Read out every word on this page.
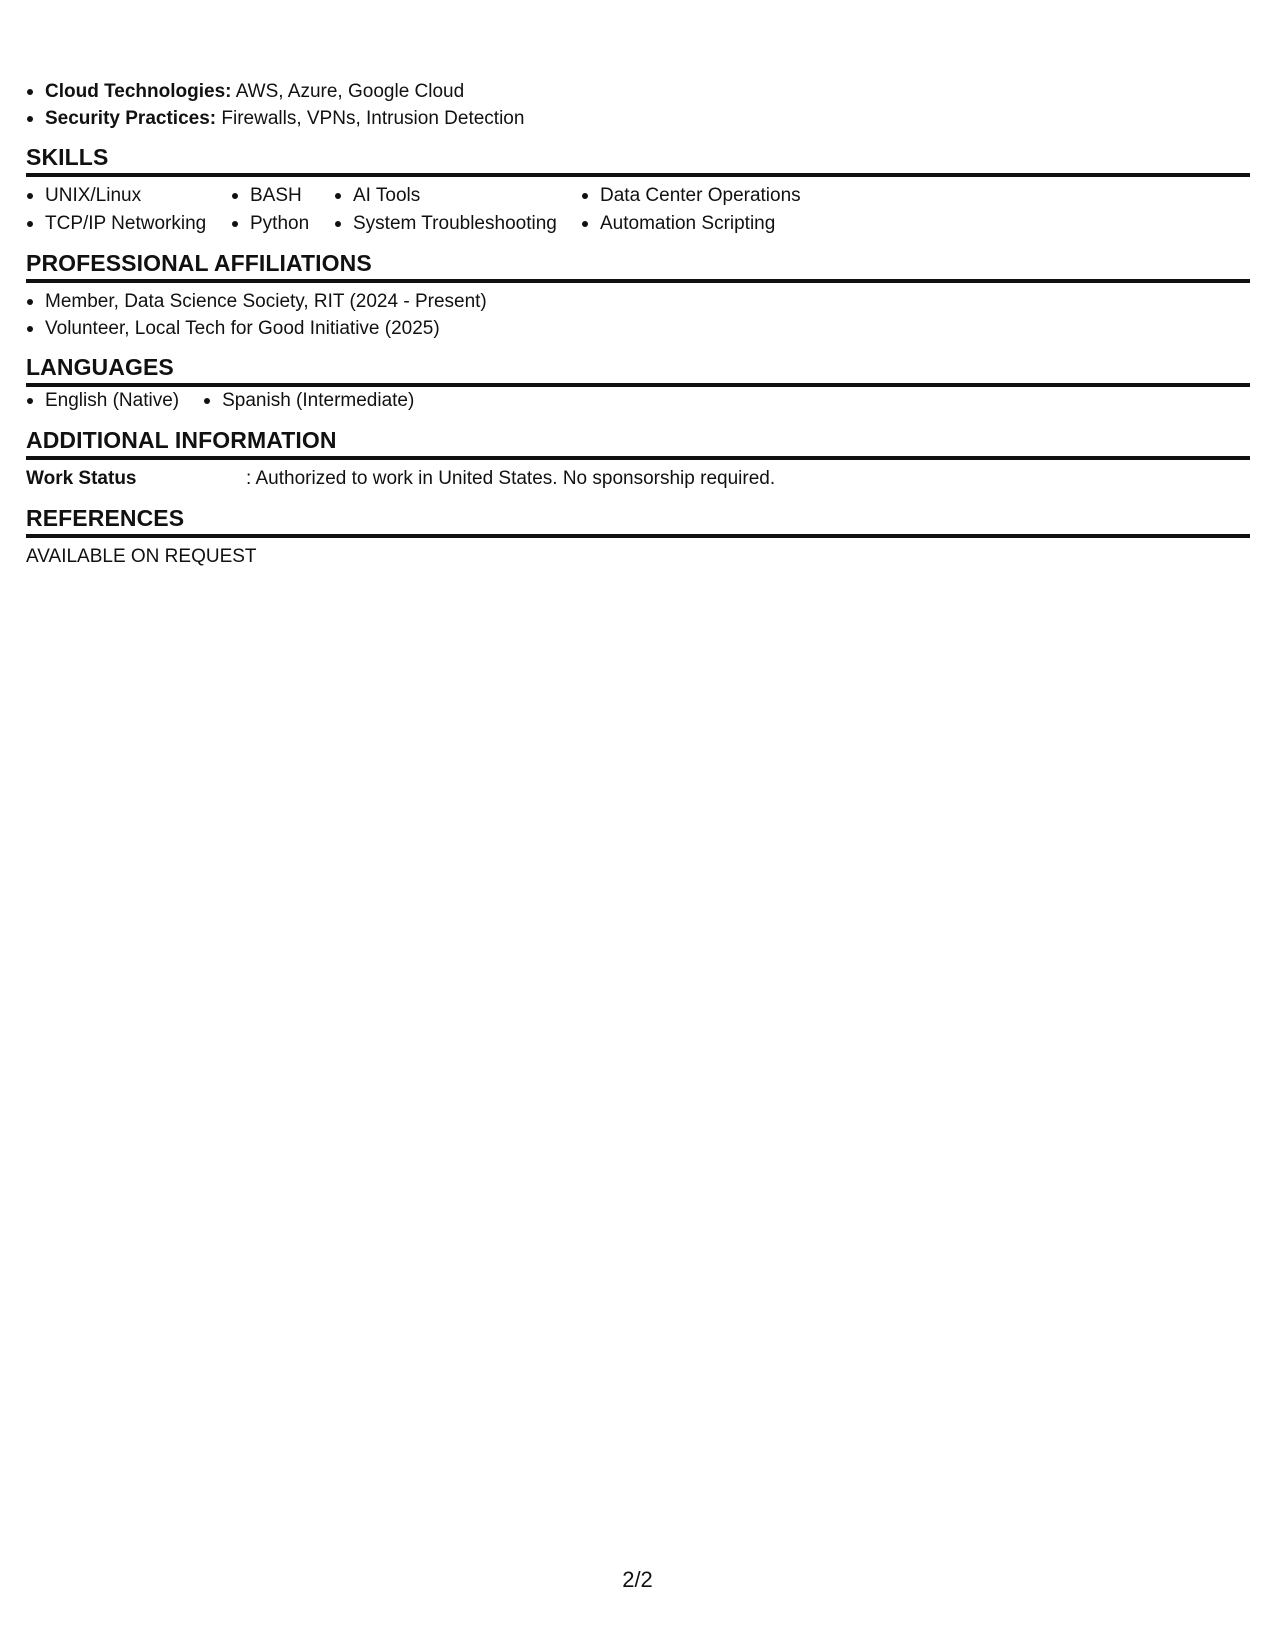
Cloud Technologies: AWS, Azure, Google Cloud
Security Practices: Firewalls, VPNs, Intrusion Detection
SKILLS
UNIX/Linux
TCP/IP Networking
BASH
Python
AI Tools
System Troubleshooting
Data Center Operations
Automation Scripting
PROFESSIONAL AFFILIATIONS
Member, Data Science Society, RIT (2024 - Present)
Volunteer, Local Tech for Good Initiative (2025)
LANGUAGES
English (Native)	Spanish (Intermediate)
ADDITIONAL INFORMATION
Work Status	: Authorized to work in United States. No sponsorship required.
REFERENCES
AVAILABLE ON REQUEST
2/2
